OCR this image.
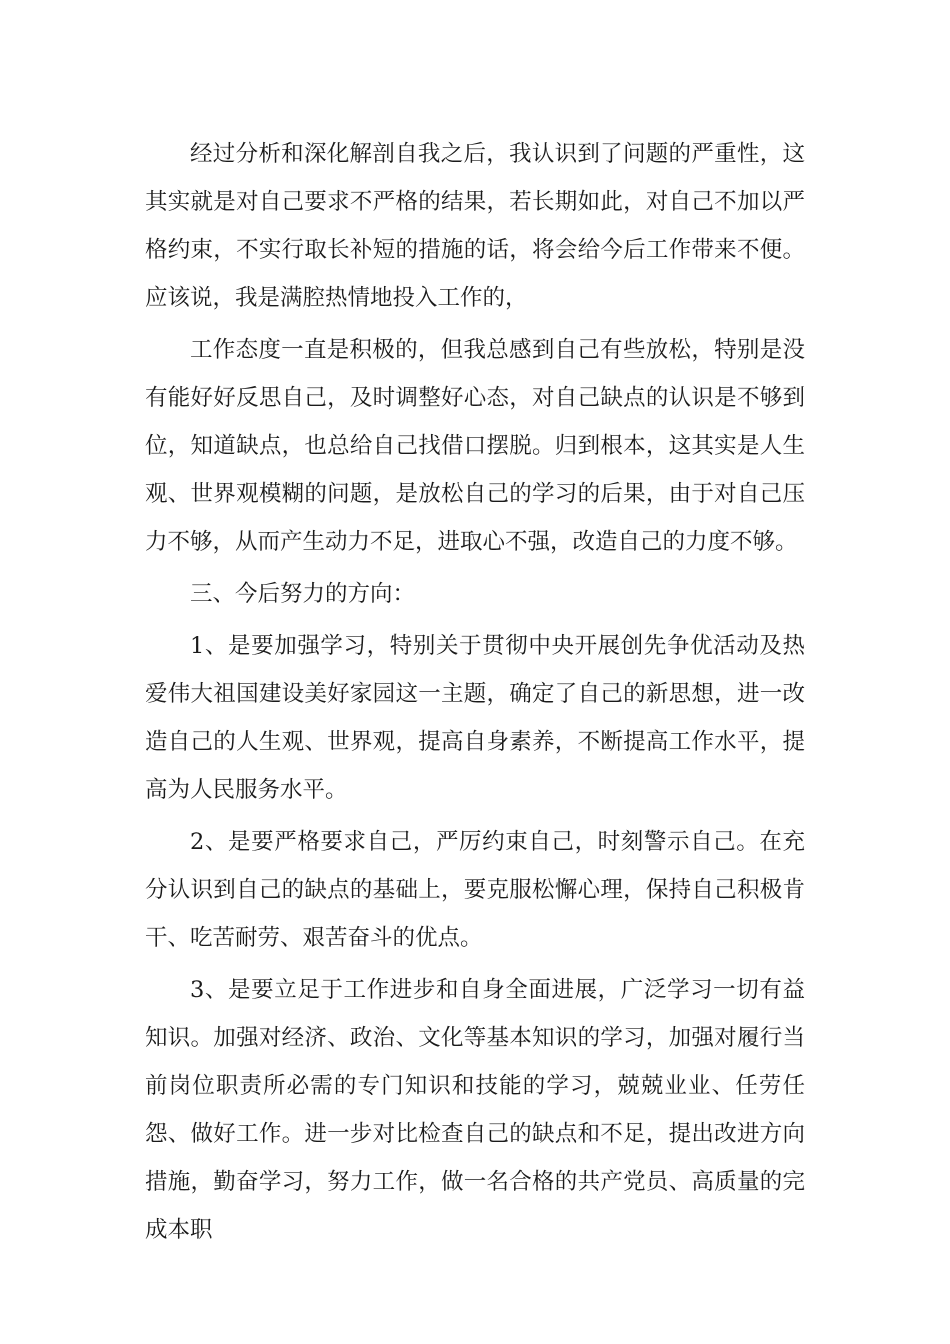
经过分析和深化解剖自我之后，我认识到了问题的严重性，这其实就是对自己要求不严格的结果，若长期如此，对自己不加以严格约束，不实行取长补短的措施的话，将会给今后工作带来不便。应该说，我是满腔热情地投入工作的，

工作态度一直是积极的，但我总感到自己有些放松，特别是没有能好好反思自己，及时调整好心态，对自己缺点的认识是不够到位，知道缺点，也总给自己找借口摆脱。归到根本，这其实是人生观、世界观模糊的问题，是放松自己的学习的后果，由于对自己压力不够，从而产生动力不足，进取心不强，改造自己的力度不够。

三、今后努力的方向：

1、是要加强学习，特别关于贯彻中央开展创先争优活动及热爱伟大祖国建设美好家园这一主题，确定了自己的新思想，进一改造自己的人生观、世界观，提高自身素养，不断提高工作水平，提高为人民服务水平。

2、是要严格要求自己，严厉约束自己，时刻警示自己。在充分认识到自己的缺点的基础上，要克服松懈心理，保持自己积极肯干、吃苦耐劳、艰苦奋斗的优点。

3、是要立足于工作进步和自身全面进展，广泛学习一切有益知识。加强对经济、政治、文化等基本知识的学习，加强对履行当前岗位职责所必需的专门知识和技能的学习，兢兢业业、任劳任怨、做好工作。进一步对比检查自己的缺点和不足，提出改进方向措施，勤奋学习，努力工作，做一名合格的共产党员、高质量的完成本职
